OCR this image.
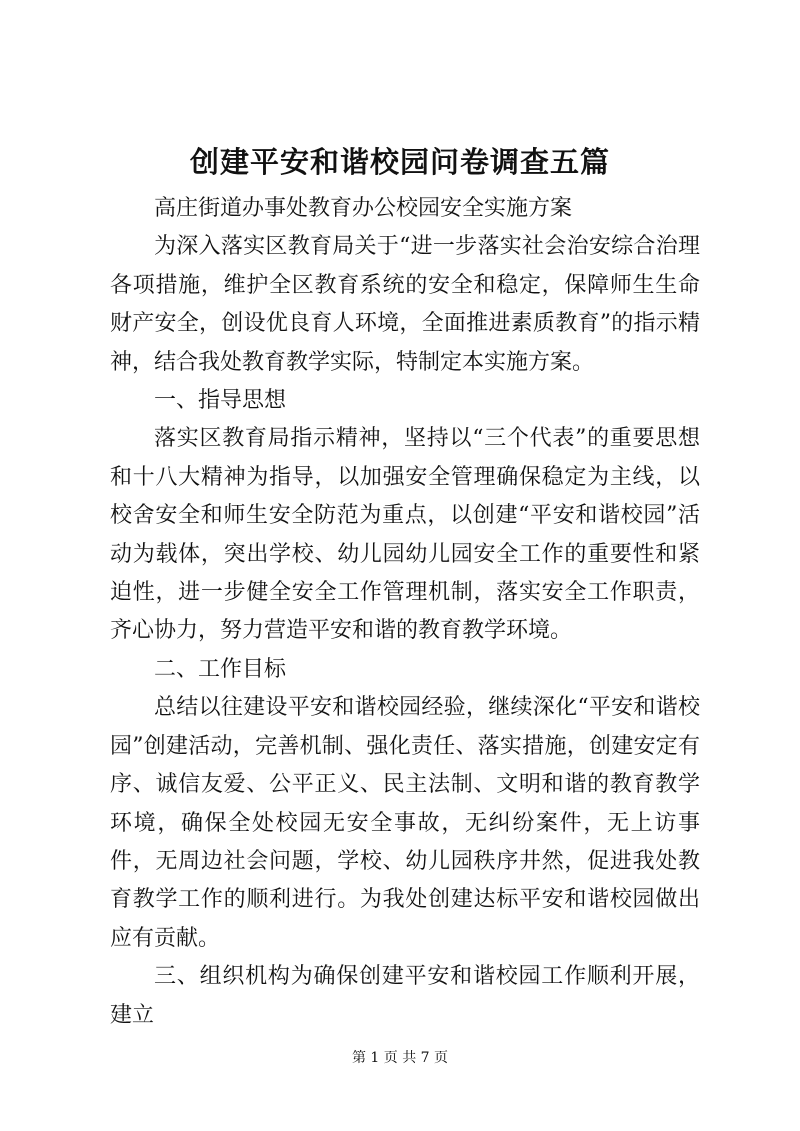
创建平安和谐校园问卷调查五篇

高庄街道办事处教育办公校园安全实施方案

为深入落实区教育局关于“进一步落实社会治安综合治理各项措施，维护全区教育系统的安全和稳定，保障师生生命财产安全，创设优良育人环境，全面推进素质教育”的指示精神，结合我处教育教学实际，特制定本实施方案。

一、指导思想

落实区教育局指示精神，坚持以“三个代表”的重要思想和十八大精神为指导，以加强安全管理确保稳定为主线，以校舍安全和师生安全防范为重点，以创建“平安和谐校园”活动为载体，突出学校、幼儿园幼儿园安全工作的重要性和紧迫性，进一步健全安全工作管理机制，落实安全工作职责，齐心协力，努力营造平安和谐的教育教学环境。

二、工作目标

总结以往建设平安和谐校园经验，继续深化“平安和谐校园”创建活动，完善机制、强化责任、落实措施，创建安定有序、诚信友爱、公平正义、民主法制、文明和谐的教育教学环境，确保全处校园无安全事故，无纠纷案件，无上访事件，无周边社会问题，学校、幼儿园秩序井然，促进我处教育教学工作的顺利进行。为我处创建达标平安和谐校园做出应有贡献。

三、组织机构为确保创建平安和谐校园工作顺利开展，建立

第 1 页 共 7 页
